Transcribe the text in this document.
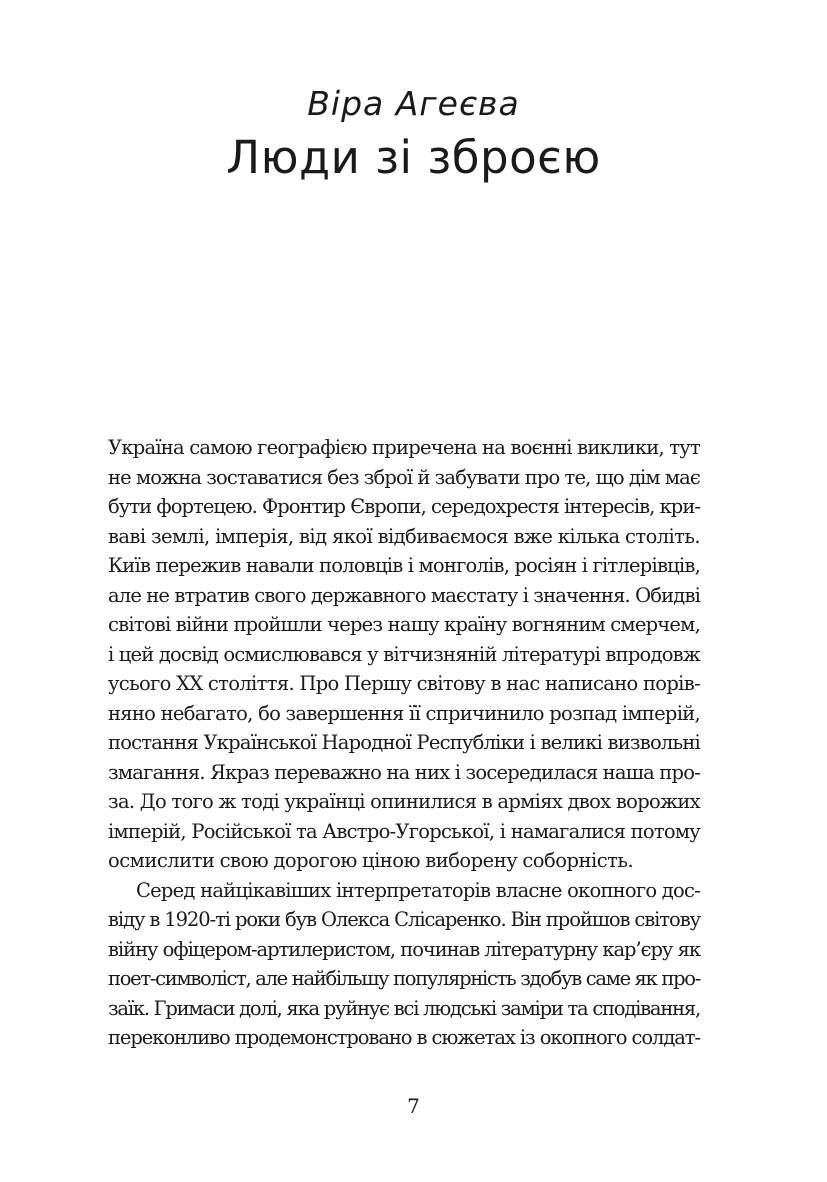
Віра Агеєва
Люди зі зброєю
Україна самою географією приречена на воєнні виклики, тут
не можна зоставатися без зброї й забувати про те, що дім має
бути фортецею. Фронтир Європи, середохрестя інтересів, кри-
ваві землі, імперія, від якої відбиваємося вже кілька століть.
Київ пережив навали половців і монголів, росіян і гітлерівців,
але не втратив свого державного маєстату і значення. Обидві
світові війни пройшли через нашу країну вогняним смерчем,
і цей досвід осмислювався у вітчизняній літературі впродовж
усього ХХ століття. Про Першу світову в нас написано порів-
няно небагато, бо завершення її спричинило розпад імперій,
постання Української Народної Республіки і великі визвольні
змагання. Якраз переважно на них і зосередилася наша про-
за. До того ж тоді українці опинилися в арміях двох ворожих
імперій, Російської та Австро-Угорської, і намагалися потому
осмислити свою дорогою ціною виборену соборність.
Серед найцікавіших інтерпретаторів власне окопного дос-
віду в 1920-ті роки був Олекса Слісаренко. Він пройшов світову
війну офіцером-артилеристом, починав літературну кар’єру як
поет-символіст, але найбільшу популярність здобув саме як про-
заїк. Гримаси долі, яка руйнує всі людські заміри та сподівання,
переконливо продемонстровано в сюжетах із окопного солдат-
7
